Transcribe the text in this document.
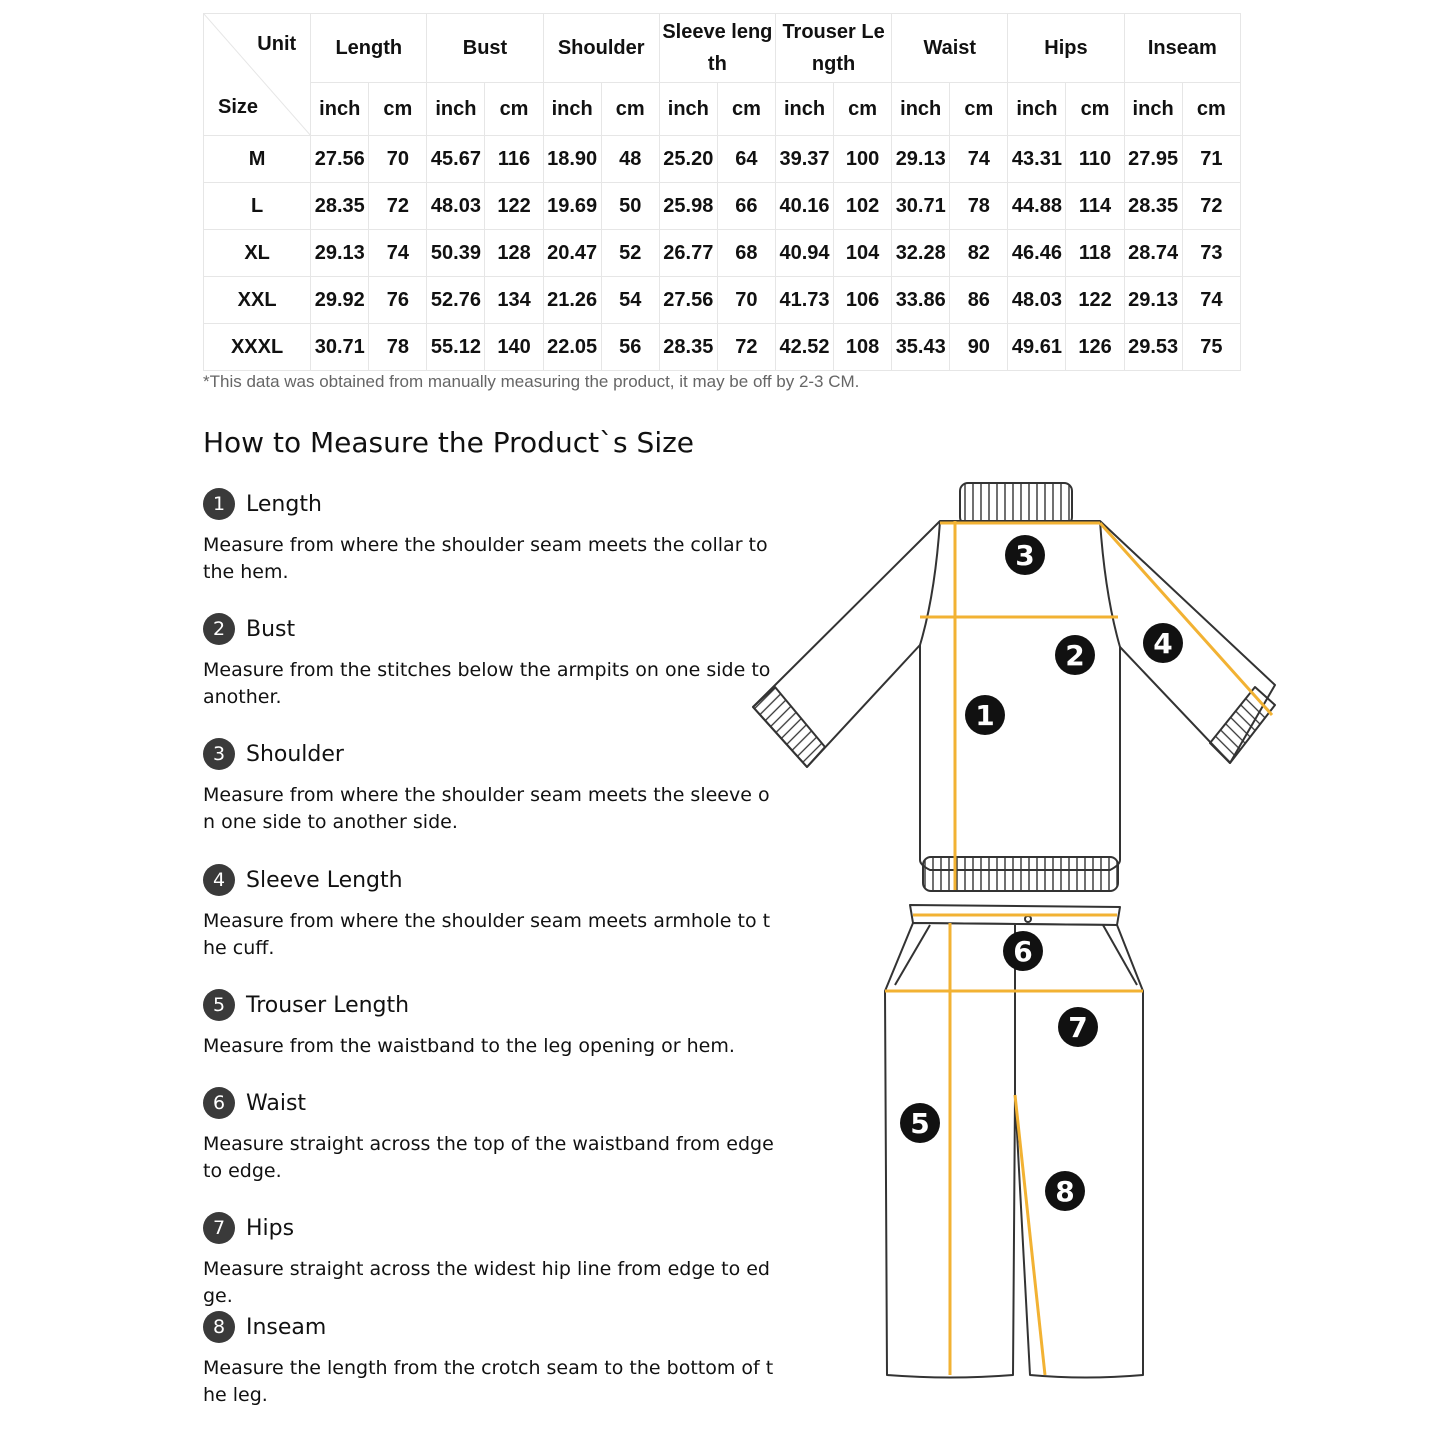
Unit
Size	Length		Bust		Shoulder		Sleeve length		Trouser Length		Waist		Hips		Inseam	

	inch	cm	inch	cm	inch	cm	inch	cm	inch	cm	inch	cm	inch	cm	inch	cm
M	27.56	70	45.67	116	18.90	48	25.20	64	39.37	100	29.13	74	43.31	110	27.95	71
L	28.35	72	48.03	122	19.69	50	25.98	66	40.16	102	30.71	78	44.88	114	28.35	72
XL	29.13	74	50.39	128	20.47	52	26.77	68	40.94	104	32.28	82	46.46	118	28.74	73
XXL	29.92	76	52.76	134	21.26	54	27.56	70	41.73	106	33.86	86	48.03	122	29.13	74
XXXL	30.71	78	55.12	140	22.05	56	28.35	72	42.52	108	35.43	90	49.61	126	29.53	75
*This data was obtained from manually measuring the product, it may be off by 2-3 CM.
How to Measure the Product`s Size
1 Length
Measure from where the shoulder seam meets the collar to the hem.
2 Bust
Measure from the stitches below the armpits on one side to another.
3 Shoulder
Measure from where the shoulder seam meets the sleeve on one side to another side.
4 Sleeve Length
Measure from where the shoulder seam meets armhole to the cuff.
5 Trouser Length
Measure from the waistband to the leg opening or hem.
6 Waist
Measure straight across the top of the waistband from edge to edge.
7 Hips
Measure straight across the widest hip line from edge to edge.
8 Inseam
Measure the length from the crotch seam to the bottom of the leg.
1
2
3
4
5
6
7
8
